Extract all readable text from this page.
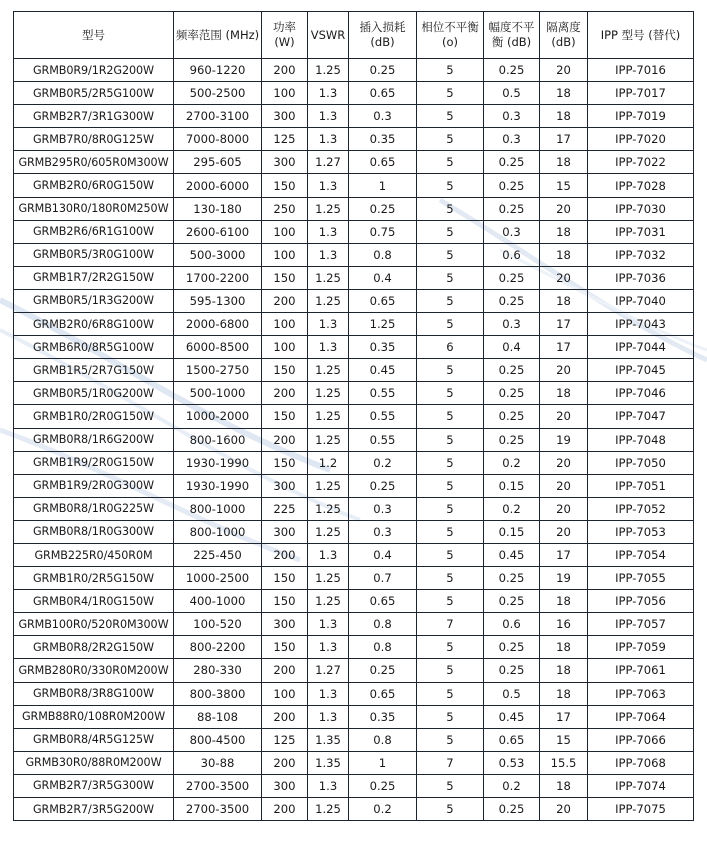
型号	频率范围 (MHz)	功率 (W)	VSWR	插入损耗 (dB)	相位不平衡 (o)	幅度不平衡 (dB)	隔离度 (dB)	IPP 型号 (替代)
GRMB0R9/1R2G200W	960-1220	200	1.25	0.25	5	0.25	20	IPP-7016
GRMB0R5/2R5G100W	500-2500	100	1.3	0.65	5	0.5	18	IPP-7017
GRMB2R7/3R1G300W	2700-3100	300	1.3	0.3	5	0.3	18	IPP-7019
GRMB7R0/8R0G125W	7000-8000	125	1.3	0.35	5	0.3	17	IPP-7020
GRMB295R0/605R0M300W	295-605	300	1.27	0.65	5	0.25	18	IPP-7022
GRMB2R0/6R0G150W	2000-6000	150	1.3	1	5	0.25	15	IPP-7028
GRMB130R0/180R0M250W	130-180	250	1.25	0.25	5	0.25	20	IPP-7030
GRMB2R6/6R1G100W	2600-6100	100	1.3	0.75	5	0.3	18	IPP-7031
GRMB0R5/3R0G100W	500-3000	100	1.3	0.8	5	0.6	18	IPP-7032
GRMB1R7/2R2G150W	1700-2200	150	1.25	0.4	5	0.25	20	IPP-7036
GRMB0R5/1R3G200W	595-1300	200	1.25	0.65	5	0.25	18	IPP-7040
GRMB2R0/6R8G100W	2000-6800	100	1.3	1.25	5	0.3	17	IPP-7043
GRMB6R0/8R5G100W	6000-8500	100	1.3	0.35	6	0.4	17	IPP-7044
GRMB1R5/2R7G150W	1500-2750	150	1.25	0.45	5	0.25	20	IPP-7045
GRMB0R5/1R0G200W	500-1000	200	1.25	0.55	5	0.25	18	IPP-7046
GRMB1R0/2R0G150W	1000-2000	150	1.25	0.55	5	0.25	20	IPP-7047
GRMB0R8/1R6G200W	800-1600	200	1.25	0.55	5	0.25	19	IPP-7048
GRMB1R9/2R0G150W	1930-1990	150	1.2	0.2	5	0.2	20	IPP-7050
GRMB1R9/2R0G300W	1930-1990	300	1.25	0.25	5	0.15	20	IPP-7051
GRMB0R8/1R0G225W	800-1000	225	1.25	0.3	5	0.2	20	IPP-7052
GRMB0R8/1R0G300W	800-1000	300	1.25	0.3	5	0.15	20	IPP-7053
GRMB225R0/450R0M	225-450	200	1.3	0.4	5	0.45	17	IPP-7054
GRMB1R0/2R5G150W	1000-2500	150	1.25	0.7	5	0.25	19	IPP-7055
GRMB0R4/1R0G150W	400-1000	150	1.25	0.65	5	0.25	18	IPP-7056
GRMB100R0/520R0M300W	100-520	300	1.3	0.8	7	0.6	16	IPP-7057
GRMB0R8/2R2G150W	800-2200	150	1.3	0.8	5	0.25	18	IPP-7059
GRMB280R0/330R0M200W	280-330	200	1.27	0.25	5	0.25	18	IPP-7061
GRMB0R8/3R8G100W	800-3800	100	1.3	0.65	5	0.5	18	IPP-7063
GRMB88R0/108R0M200W	88-108	200	1.3	0.35	5	0.45	17	IPP-7064
GRMB0R8/4R5G125W	800-4500	125	1.35	0.8	5	0.65	15	IPP-7066
GRMB30R0/88R0M200W	30-88	200	1.35	1	7	0.53	15.5	IPP-7068
GRMB2R7/3R5G300W	2700-3500	300	1.3	0.25	5	0.2	18	IPP-7074
GRMB2R7/3R5G200W	2700-3500	200	1.25	0.2	5	0.25	20	IPP-7075
